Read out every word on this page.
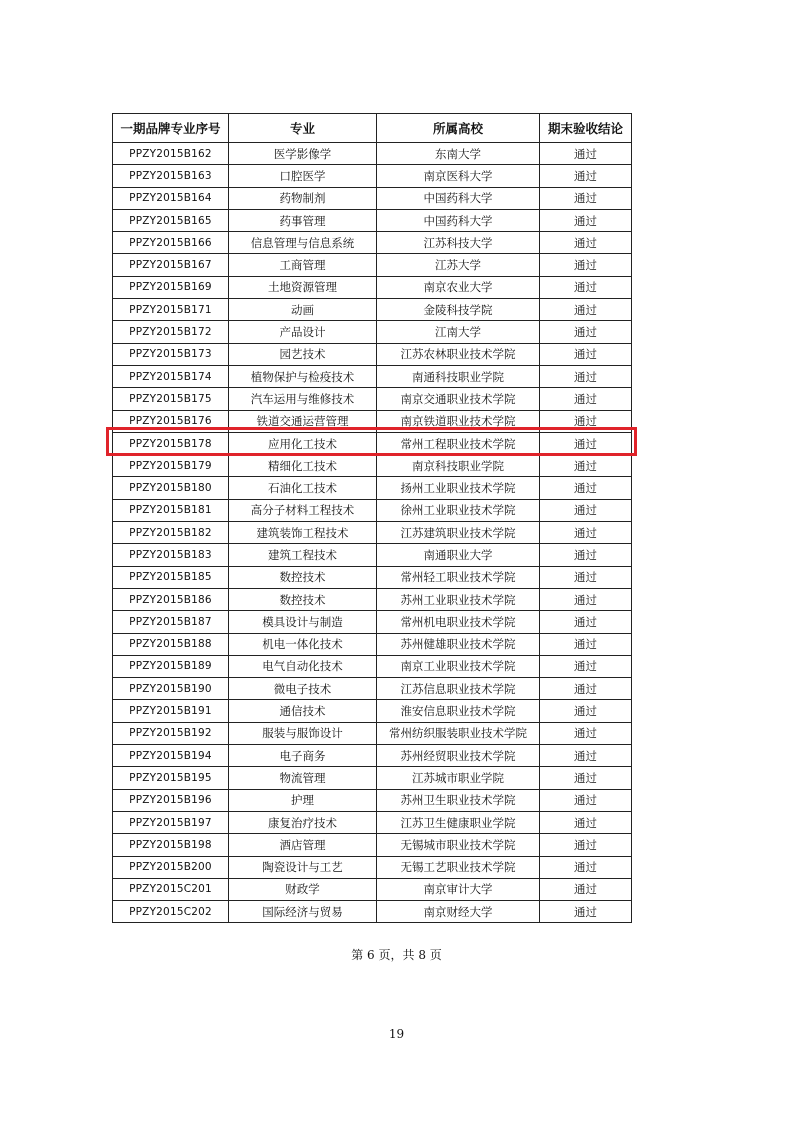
一期品牌专业序号	专业	所属高校	期末验收结论
PPZY2015B162	医学影像学	东南大学	通过
PPZY2015B163	口腔医学	南京医科大学	通过
PPZY2015B164	药物制剂	中国药科大学	通过
PPZY2015B165	药事管理	中国药科大学	通过
PPZY2015B166	信息管理与信息系统	江苏科技大学	通过
PPZY2015B167	工商管理	江苏大学	通过
PPZY2015B169	土地资源管理	南京农业大学	通过
PPZY2015B171	动画	金陵科技学院	通过
PPZY2015B172	产品设计	江南大学	通过
PPZY2015B173	园艺技术	江苏农林职业技术学院	通过
PPZY2015B174	植物保护与检疫技术	南通科技职业学院	通过
PPZY2015B175	汽车运用与维修技术	南京交通职业技术学院	通过
PPZY2015B176	铁道交通运营管理	南京铁道职业技术学院	通过
PPZY2015B178	应用化工技术	常州工程职业技术学院	通过
PPZY2015B179	精细化工技术	南京科技职业学院	通过
PPZY2015B180	石油化工技术	扬州工业职业技术学院	通过
PPZY2015B181	高分子材料工程技术	徐州工业职业技术学院	通过
PPZY2015B182	建筑装饰工程技术	江苏建筑职业技术学院	通过
PPZY2015B183	建筑工程技术	南通职业大学	通过
PPZY2015B185	数控技术	常州轻工职业技术学院	通过
PPZY2015B186	数控技术	苏州工业职业技术学院	通过
PPZY2015B187	模具设计与制造	常州机电职业技术学院	通过
PPZY2015B188	机电一体化技术	苏州健雄职业技术学院	通过
PPZY2015B189	电气自动化技术	南京工业职业技术学院	通过
PPZY2015B190	微电子技术	江苏信息职业技术学院	通过
PPZY2015B191	通信技术	淮安信息职业技术学院	通过
PPZY2015B192	服装与服饰设计	常州纺织服装职业技术学院	通过
PPZY2015B194	电子商务	苏州经贸职业技术学院	通过
PPZY2015B195	物流管理	江苏城市职业学院	通过
PPZY2015B196	护理	苏州卫生职业技术学院	通过
PPZY2015B197	康复治疗技术	江苏卫生健康职业学院	通过
PPZY2015B198	酒店管理	无锡城市职业技术学院	通过
PPZY2015B200	陶瓷设计与工艺	无锡工艺职业技术学院	通过
PPZY2015C201	财政学	南京审计大学	通过
PPZY2015C202	国际经济与贸易	南京财经大学	通过
第 6 页，共 8 页
19
